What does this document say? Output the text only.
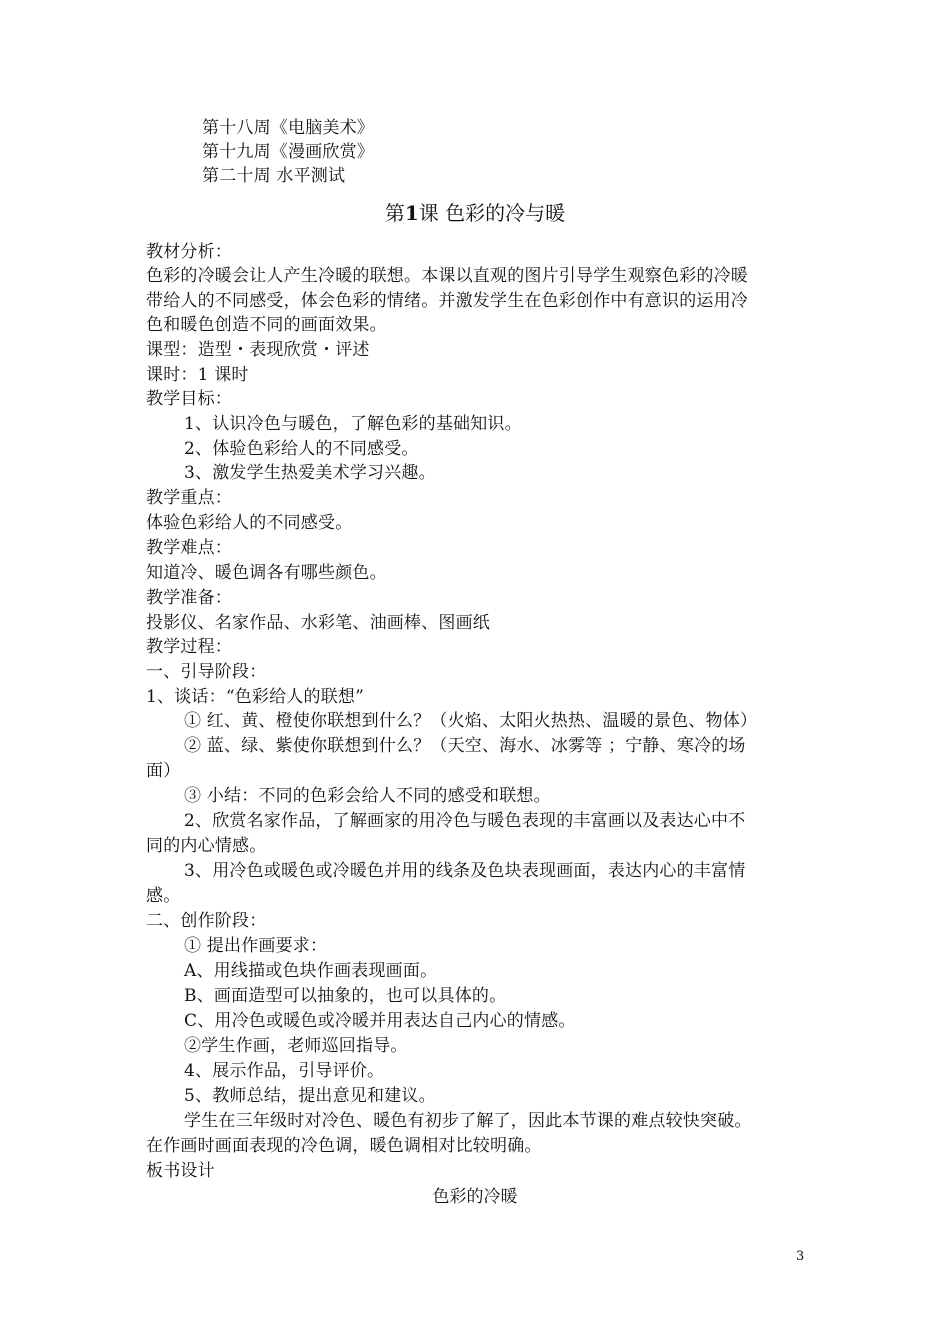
第十八周《电脑美术》
第十九周《漫画欣赏》
第二十周 水平测试
第1课 色彩的冷与暖
教材分析：
色彩的冷暖会让人产生冷暖的联想。本课以直观的图片引导学生观察色彩的冷暖
带给人的不同感受，体会色彩的情绪。并激发学生在色彩创作中有意识的运用冷
色和暖色创造不同的画面效果。
课型：造型・表现欣赏・评述
课时：1 课时
教学目标：
1、认识冷色与暖色，了解色彩的基础知识。
2、体验色彩给人的不同感受。
3、激发学生热爱美术学习兴趣。
教学重点：
体验色彩给人的不同感受。
教学难点：
知道冷、暖色调各有哪些颜色。
教学准备：
投影仪、名家作品、水彩笔、油画棒、图画纸
教学过程：
一、引导阶段：
1、谈话：“色彩给人的联想”
① 红、黄、橙使你联想到什么？（火焰、太阳火热热、温暖的景色、物体）
② 蓝、绿、紫使你联想到什么？（天空、海水、冰雾等 ；宁静、寒冷的场
面）
③ 小结：不同的色彩会给人不同的感受和联想。
2、欣赏名家作品，了解画家的用冷色与暖色表现的丰富画以及表达心中不
同的内心情感。
3、用冷色或暖色或冷暖色并用的线条及色块表现画面，表达内心的丰富情
感。
二、创作阶段：
① 提出作画要求：
A、用线描或色块作画表现画面。
B、画面造型可以抽象的，也可以具体的。
C、用冷色或暖色或冷暖并用表达自己内心的情感。
②学生作画，老师巡回指导。
4、展示作品，引导评价。
5、教师总结，提出意见和建议。
学生在三年级时对冷色、暖色有初步了解了，因此本节课的难点较快突破。
在作画时画面表现的冷色调，暖色调相对比较明确。
板书设计
色彩的冷暖
3
